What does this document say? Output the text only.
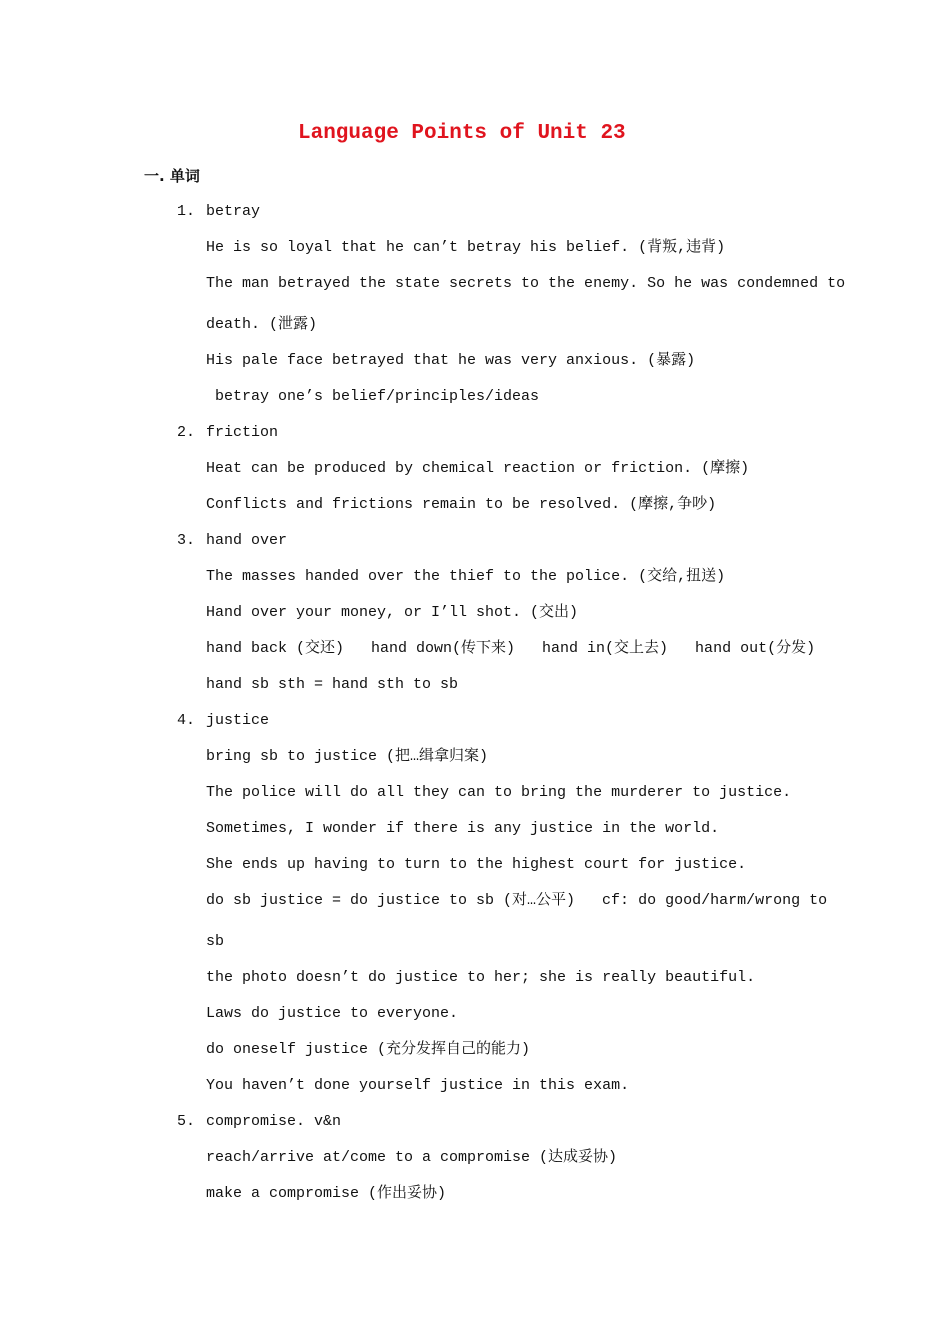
Language Points of Unit 23
一. 单词
1. betray
He is so loyal that he can’t betray his belief. (背叛,违背)
The man betrayed the state secrets to the enemy. So he was condemned to
death. (泄露)
His pale face betrayed that he was very anxious. (暴露)
betray one’s belief/principles/ideas
2. friction
Heat can be produced by chemical reaction or friction. (摩擦)
Conflicts and frictions remain to be resolved. (摩擦,争吵)
3. hand over
The masses handed over the thief to the police. (交给,扭送)
Hand over your money, or I’ll shot. (交出)
hand back (交还)   hand down(传下来)   hand in(交上去)   hand out(分发)
hand sb sth = hand sth to sb
4. justice
bring sb to justice (把…缉拿归案)
The police will do all they can to bring the murderer to justice.
Sometimes, I wonder if there is any justice in the world.
She ends up having to turn to the highest court for justice.
do sb justice = do justice to sb (对…公平)   cf: do good/harm/wrong to
sb
the photo doesn’t do justice to her; she is really beautiful.
Laws do justice to everyone.
do oneself justice (充分发挥自己的能力)
You haven’t done yourself justice in this exam.
5. compromise. v&n
reach/arrive at/come to a compromise (达成妥协)
make a compromise (作出妥协)
